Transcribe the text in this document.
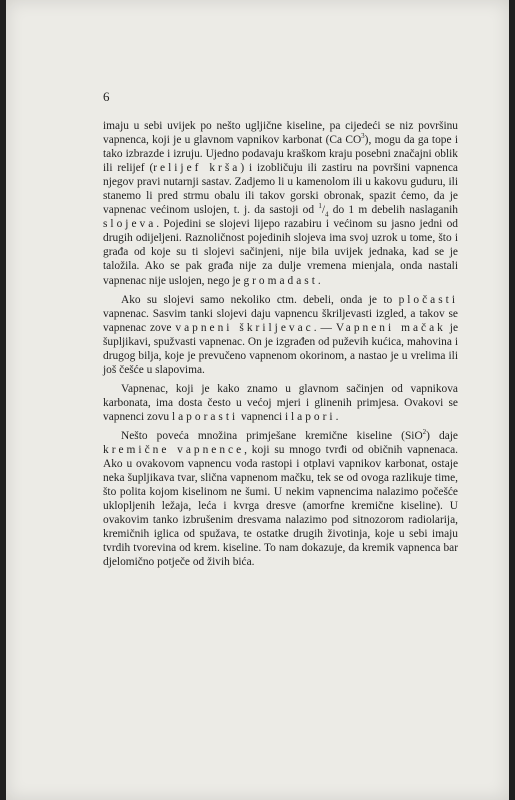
6

imaju u sebi uvijek po nešto ugljične kiseline, pa cijedeći se niz površinu vapnenca, koji je u glavnom vapnikov karbonat (Ca $CO^3$), mogu da ga tope i tako izbrazde i izruju. Ujedno podavaju kraškom kraju posebni značajni oblik ili relijef (relijef krša) i izobličuju ili zastiru na površini vapnenca njegov pravi nutarnji sastav. Zadjemo li u kamenolom ili u kakovu guduru, ili stanemo li pred strmu obalu ili takov gorski obronak, spazit ćemo, da je vapnenac većinom uslojen, t. j. da sastoji od $^1/_4$ do 1 m debelih naslaganih slojeva. Pojedini se slojevi lijepo razabiru i većinom su jasno jedni od drugih odijeljeni. Raznoličnost pojedinih slojeva ima svoj uzrok u tome, što i građa od koje su ti slojevi sačinjeni, nije bila uvijek jednaka, kad se je taložila. Ako se pak građa nije za dulje vremena mienjala, onda nastali vapnenac nije uslojen, nego je gromadast.

Ako su slojevi samo nekoliko ctm. debeli, onda je to pločasti vapnenac. Sasvim tanki slojevi daju vapnencu škriljevasti izgled, a takov se vapnenac zove vapneni škriljevac. — Vapneni mačak je šupljikavi, spužvasti vapnenac. On je izgrađen od puževih kućica, mahovina i drugog bilja, koje je prevučeno vapnenom okorinom, a nastao je u vrelima ili još češće u slapovima.

Vapnenac, koji je kako znamo u glavnom sačinjen od vapnikova karbonata, ima dosta često u većoj mjeri i glinenih primjesa. Ovakovi se vapnenci zovu laporasti vapnenci i lapori.

Nešto poveća množina primješane kremične kiseline (SiO$^2$) daje kremične vapnence, koji su mnogo tvrđi od običnih vapnenaca. Ako u ovakovom vapnencu voda rastopi i otplavi vapnikov karbonat, ostaje neka šupljikava tvar, slična vapnenom mačku, tek se od ovoga razlikuje time, što polita kojom kiselinom ne šumi. U nekim vapnencima nalazimo počešće ukloplјenih ležaja, leća i kvrga dresve (amorfne kremične kiseline). U ovakovim tanko izbrušenim dresvama nalazimo pod sitnozorom radiolarija, kremičnih iglica od spužava, te ostatke drugih životinja, koje u sebi imaju tvrdih tvorevina od krem. kiseline. To nam dokazuje, da kremik vapnenca bar djelomično potječe od živih bića.
